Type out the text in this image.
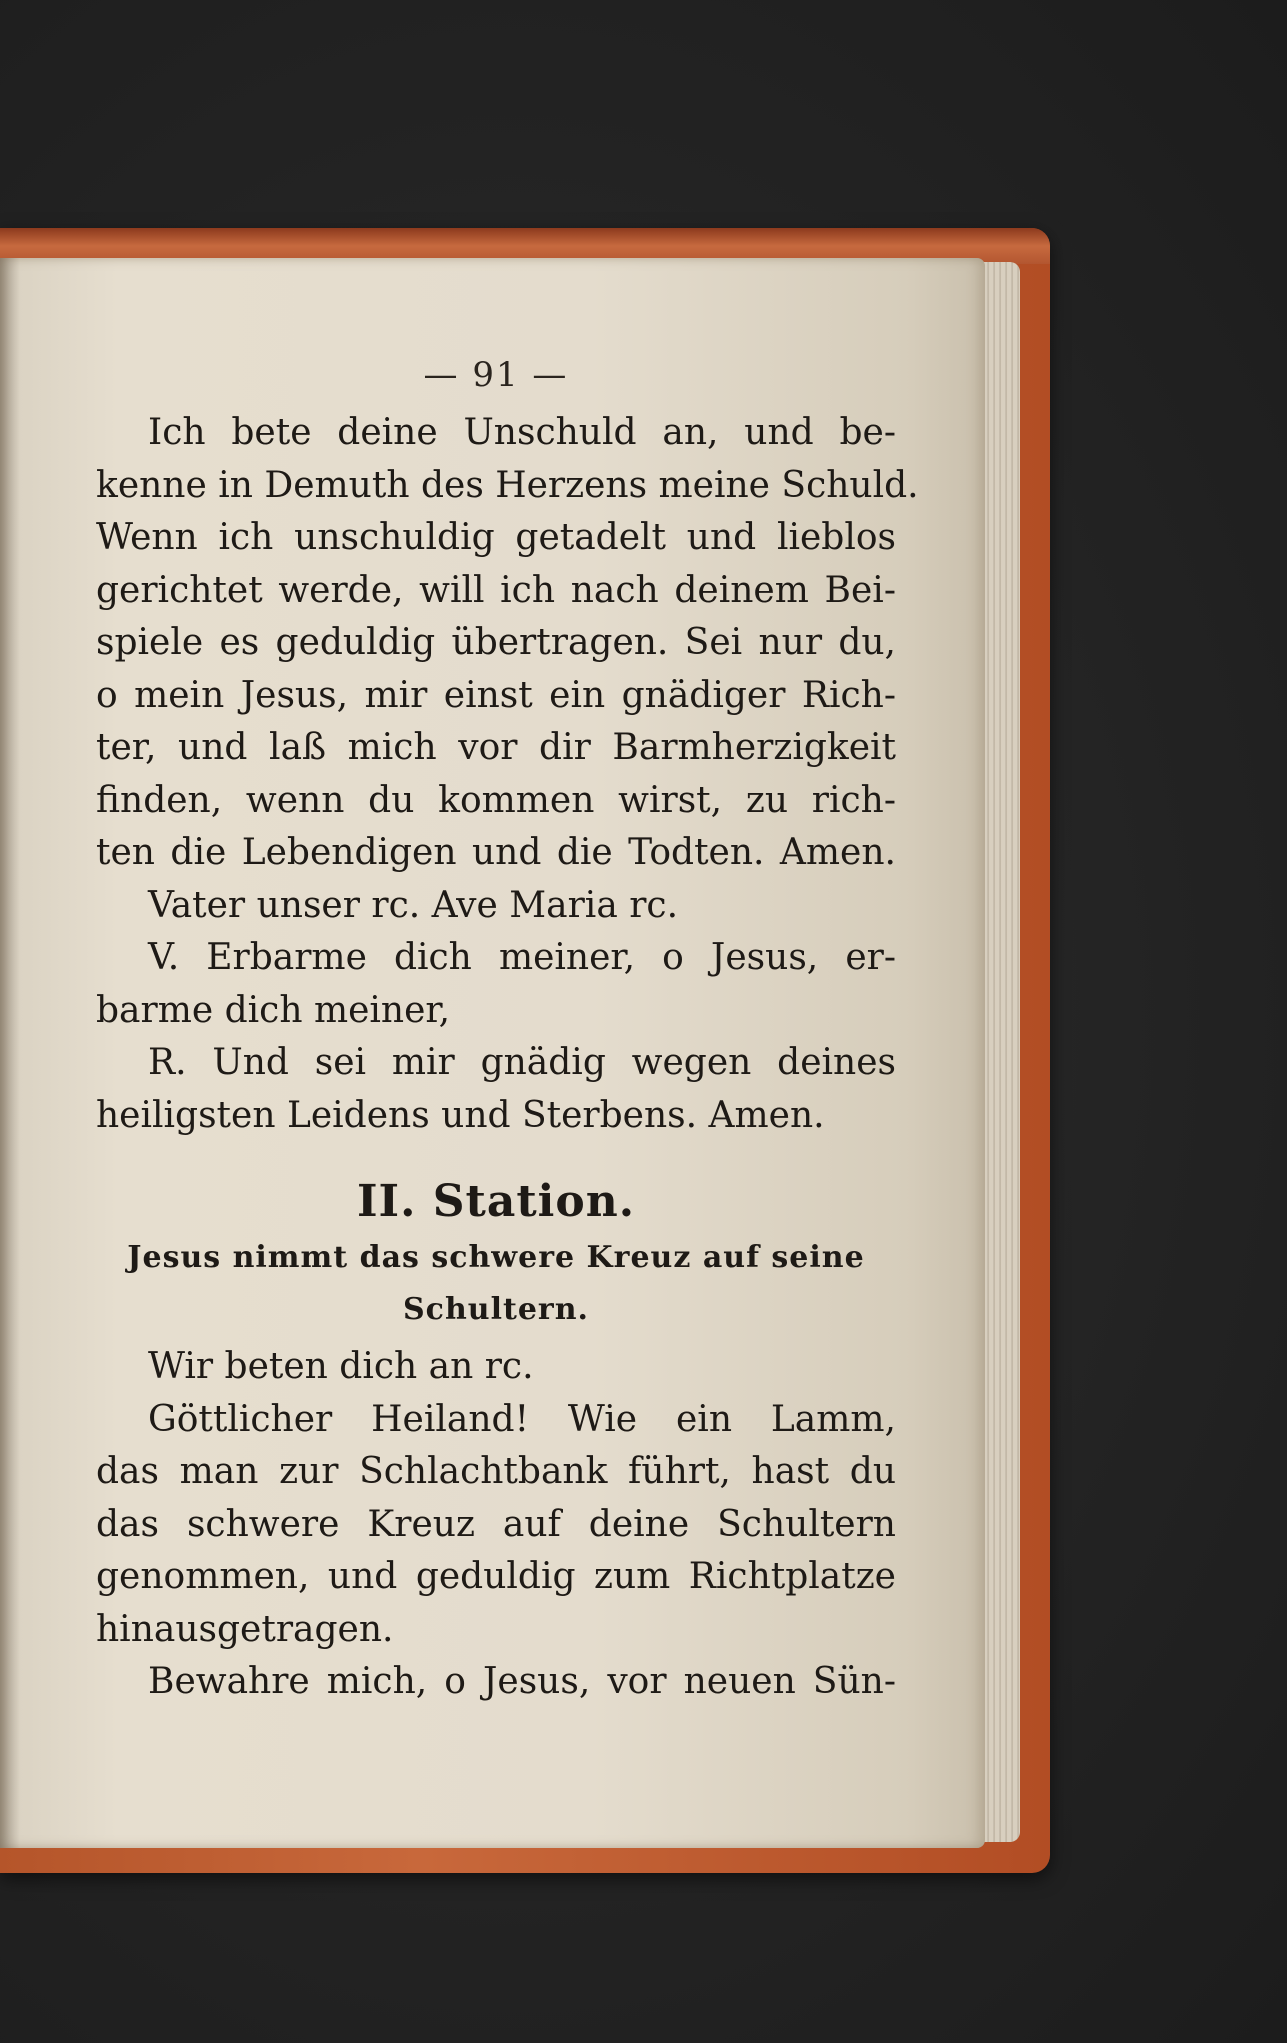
— 91 —

Ich bete deine Unschuld an, und be-

kenne in Demuth des Herzens meine Schuld.

Wenn ich unschuldig getadelt und lieblos

gerichtet werde, will ich nach deinem Bei-

spiele es geduldig übertragen. Sei nur du,

o mein Jesus, mir einst ein gnädiger Rich-

ter, und laß mich vor dir Barmherzigkeit

finden, wenn du kommen wirst, zu rich-

ten die Lebendigen und die Todten. Amen.

Vater unser rc. Ave Maria rc.

V. Erbarme dich meiner, o Jesus, er-

barme dich meiner,

R. Und sei mir gnädig wegen deines

heiligsten Leidens und Sterbens. Amen.

II. Station.
Jesus nimmt das schwere Kreuz auf seine
Schultern.

Wir beten dich an rc.

Göttlicher Heiland! Wie ein Lamm,

das man zur Schlachtbank führt, hast du

das schwere Kreuz auf deine Schultern

genommen, und geduldig zum Richtplatze

hinausgetragen.

Bewahre mich, o Jesus, vor neuen Sün-
